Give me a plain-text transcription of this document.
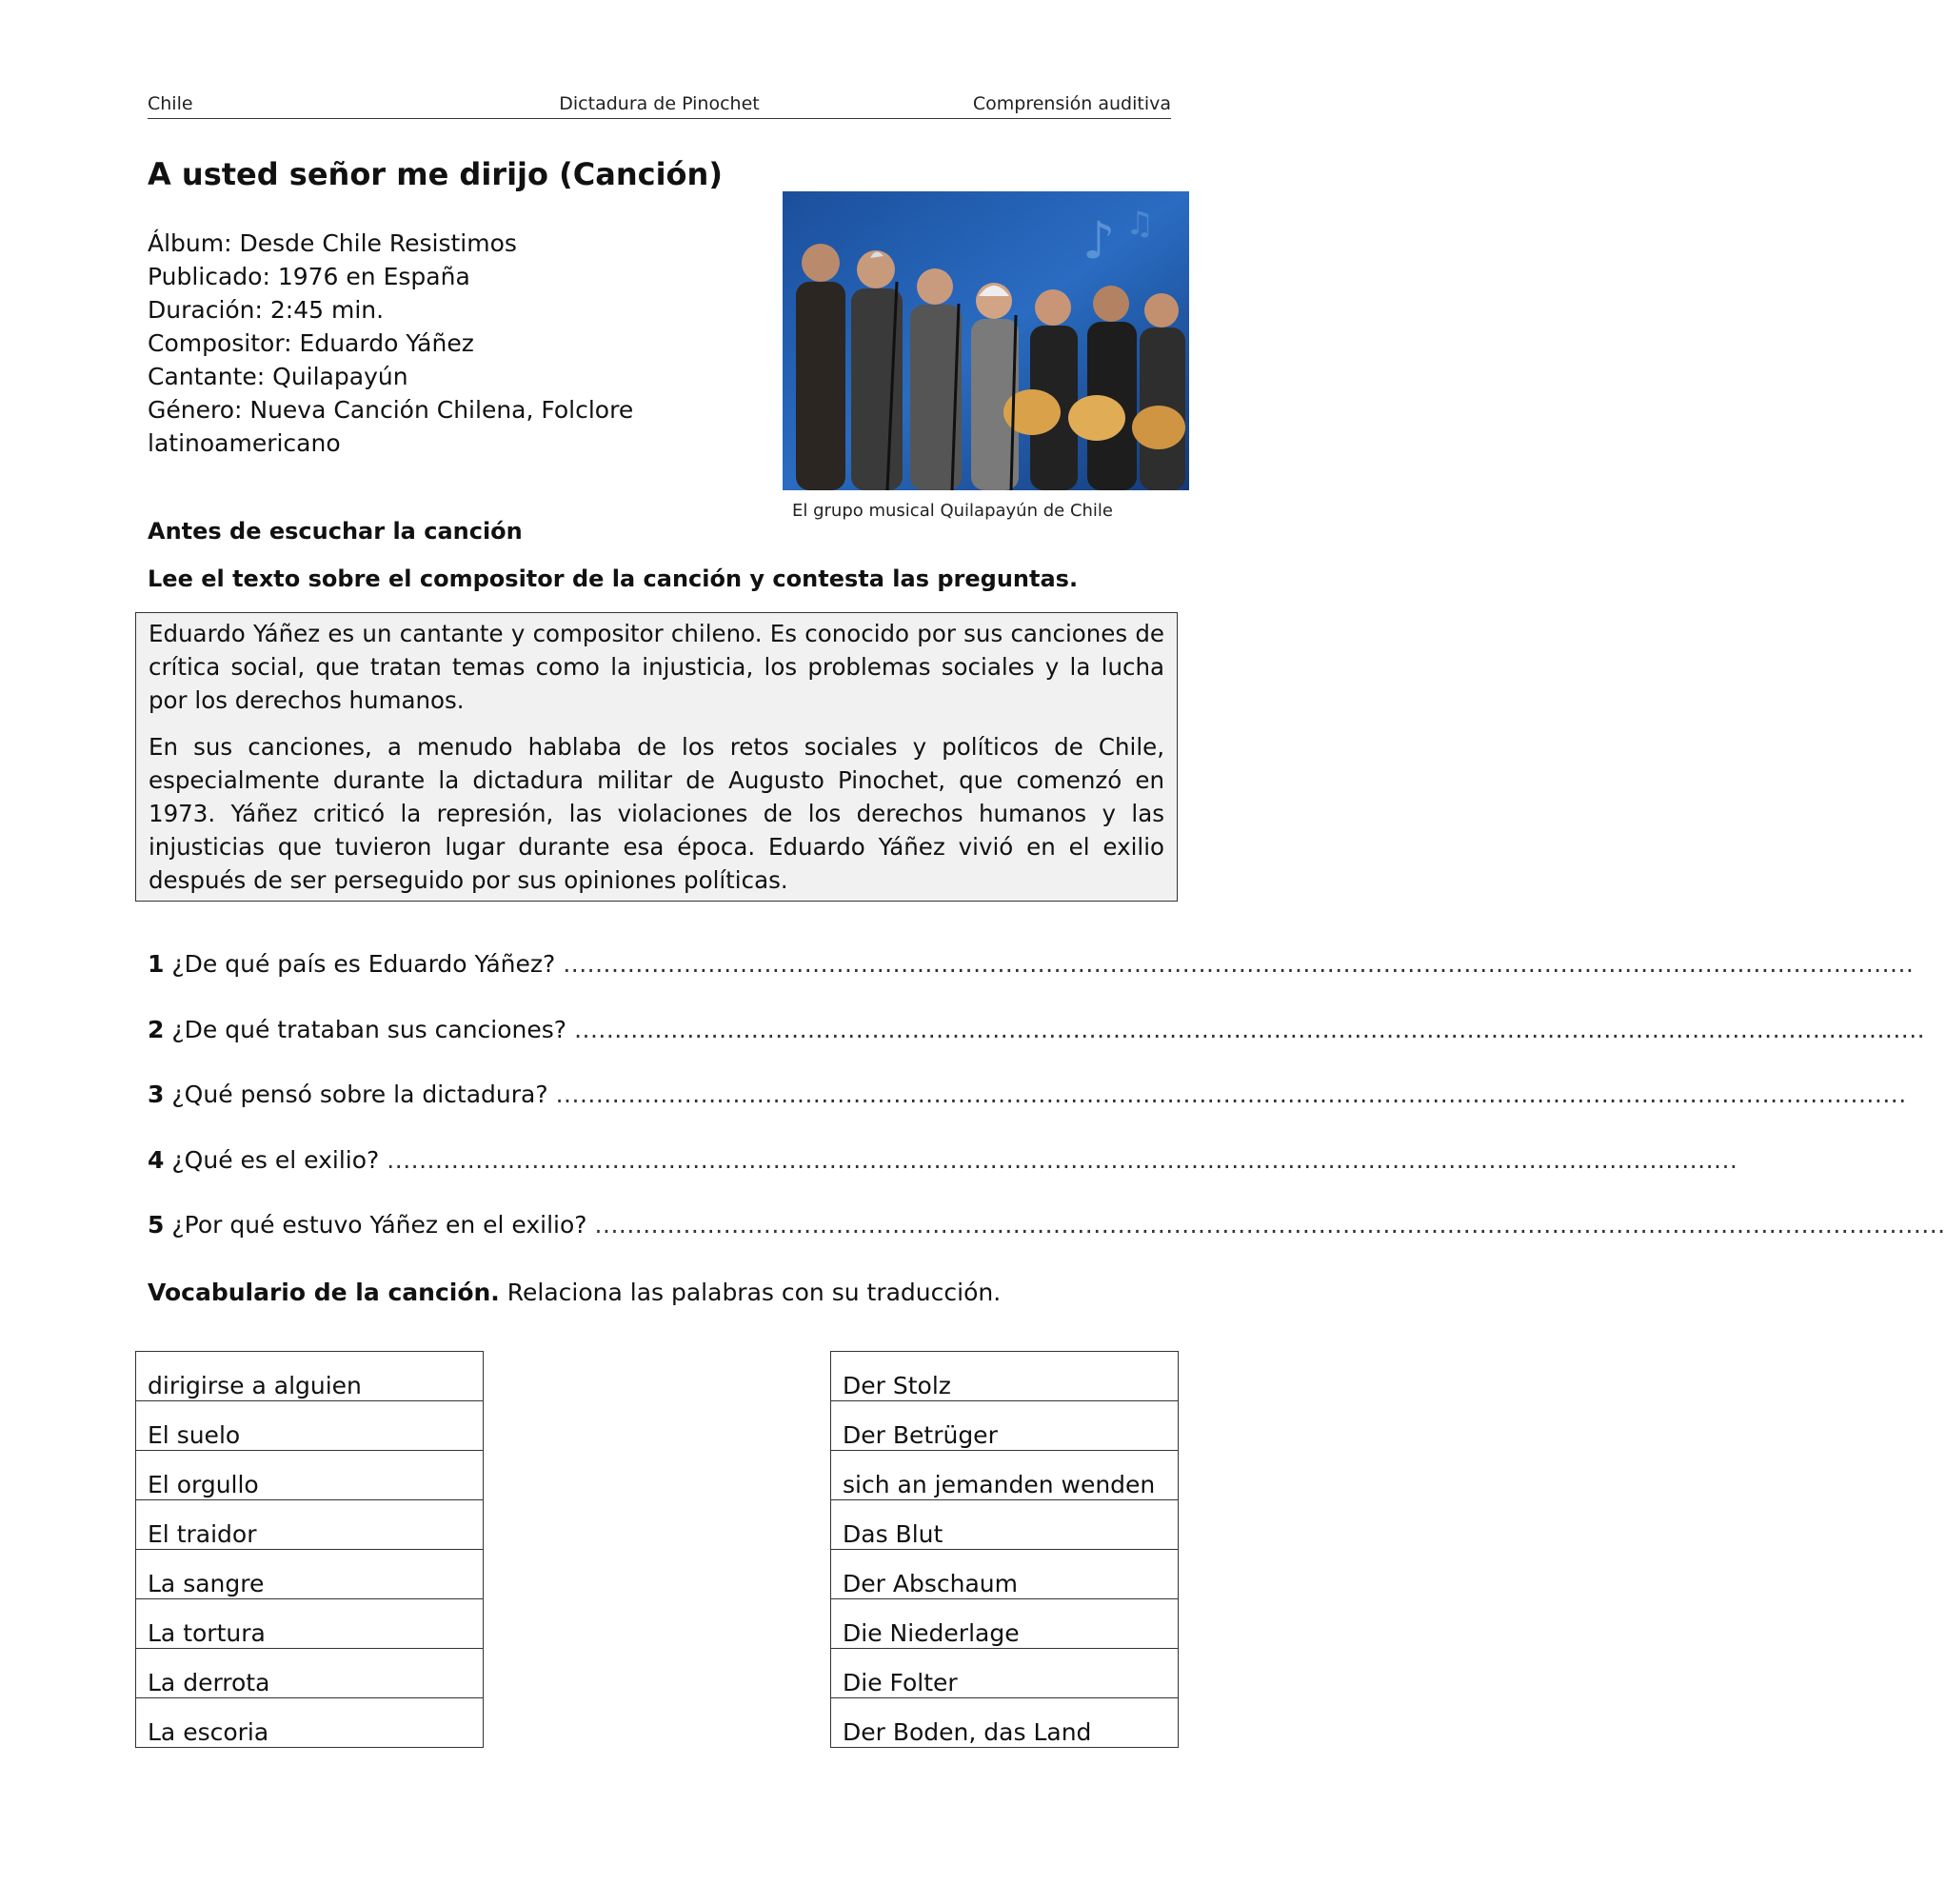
Chile	Dictadura de Pinochet	Comprensión auditiva
A usted señor me dirijo (Canción)
Álbum: Desde Chile Resistimos
Publicado: 1976 en España
Duración: 2:45 min.
Compositor: Eduardo Yáñez
Cantante: Quilapayún
Género: Nueva Canción Chilena, Folclore latinoamericano
♪ ♫
El grupo musical Quilapayún de Chile
Antes de escuchar la canción
Lee el texto sobre el compositor de la canción y contesta las preguntas.

Eduardo Yáñez es un cantante y compositor chileno. Es conocido por sus canciones de crítica social, que tratan temas como la injusticia, los problemas sociales y la lucha por los derechos humanos.

En sus canciones, a menudo hablaba de los retos sociales y políticos de Chile, especialmente durante la dictadura militar de Augusto Pinochet, que comenzó en 1973. Yáñez criticó la represión, las violaciones de los derechos humanos y las injusticias que tuvieron lugar durante esa época. Eduardo Yáñez vivió en el exilio después de ser perseguido por sus opiniones políticas.

1 ¿De qué país es Eduardo Yáñez? ........................................................................................................................................................................
2 ¿De qué trataban sus canciones? ........................................................................................................................................................................
3 ¿Qué pensó sobre la dictadura? ........................................................................................................................................................................
4 ¿Qué es el exilio? ........................................................................................................................................................................
5 ¿Por qué estuvo Yáñez en el exilio? ........................................................................................................................................................................
Vocabulario de la canción. Relaciona las palabras con su traducción.
dirigirse a alguien
El suelo
El orgullo
El traidor
La sangre
La tortura
La derrota
La escoria
Der Stolz
Der Betrüger
sich an jemanden wenden
Das Blut
Der Abschaum
Die Niederlage
Die Folter
Der Boden, das Land
